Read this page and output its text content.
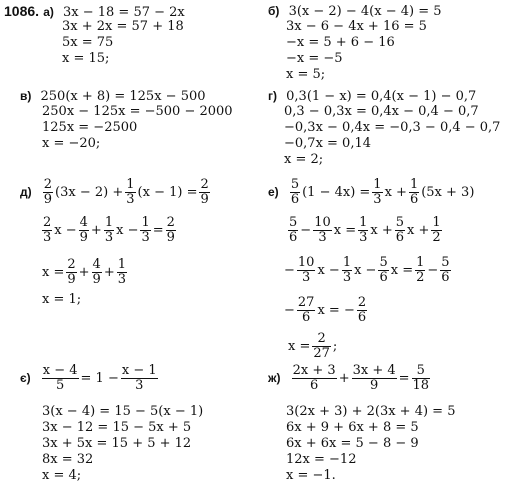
1086. а) 3x − 18 = 57 − 2x
3x + 2x = 57 + 18
5x = 75
x = 15;
б) 3(x − 2) − 4(x − 4) = 5
3x − 6 − 4x + 16 = 5
−x = 5 + 6 − 16
−x = −5
x = 5;
в) 250(x + 8) = 125x − 500
250x − 125x = −500 − 2000
125x = −2500
x = −20;
г) 0,3(1 − x) = 0,4(x − 1) − 0,7
0,3 − 0,3x = 0,4x − 0,4 − 0,7
−0,3x − 0,4x = −0,3 − 0,4 − 0,7
−0,7x = 0,14
x = 2;
$д) \frac{2}{9} (3x - 2) + \frac{1}{3} (x - 1) = \frac{2}{9}$
$\frac{2}{3}$ $x - \frac{4}{9} + \frac{1}{3}$ $x - \frac{1}{3} = \frac{2}{9}$
$x = \frac{2}{9} + \frac{4}{9} + \frac{1}{3}$
x = 1;
$е) \frac{5}{6} (1 - 4x) = \frac{1}{3}$ $x + \frac{1}{6} (5x + 3)$
$\frac{5}{6} - \frac{10}{3}$ $x = \frac{1}{3}$ $x + \frac{5}{6}$ $x + \frac{1}{2}$
− $\frac{10}{3}$ $x - \frac{1}{3}$ $x - \frac{5}{6}$ $x = \frac{1}{2} - \frac{5}{6}$
− $\frac{27}{6}$ x = − $\frac{2}{6}$
$x = \frac{2}{27}$ ;
$є) \frac{x - 4}{5} = 1 - \frac{x - 1}{3}$
3(x − 4) = 15 − 5(x − 1)
3x − 12 = 15 − 5x + 5
3x + 5x = 15 + 5 + 12
8x = 32
x = 4;
$ж) \frac{2x + 3}{6} + \frac{3x + 4}{9} = \frac{5}{18}$
3(2x + 3) + 2(3x + 4) = 5
6x + 9 + 6x + 8 = 5
6x + 6x = 5 − 8 − 9
12x = −12
x = −1.
